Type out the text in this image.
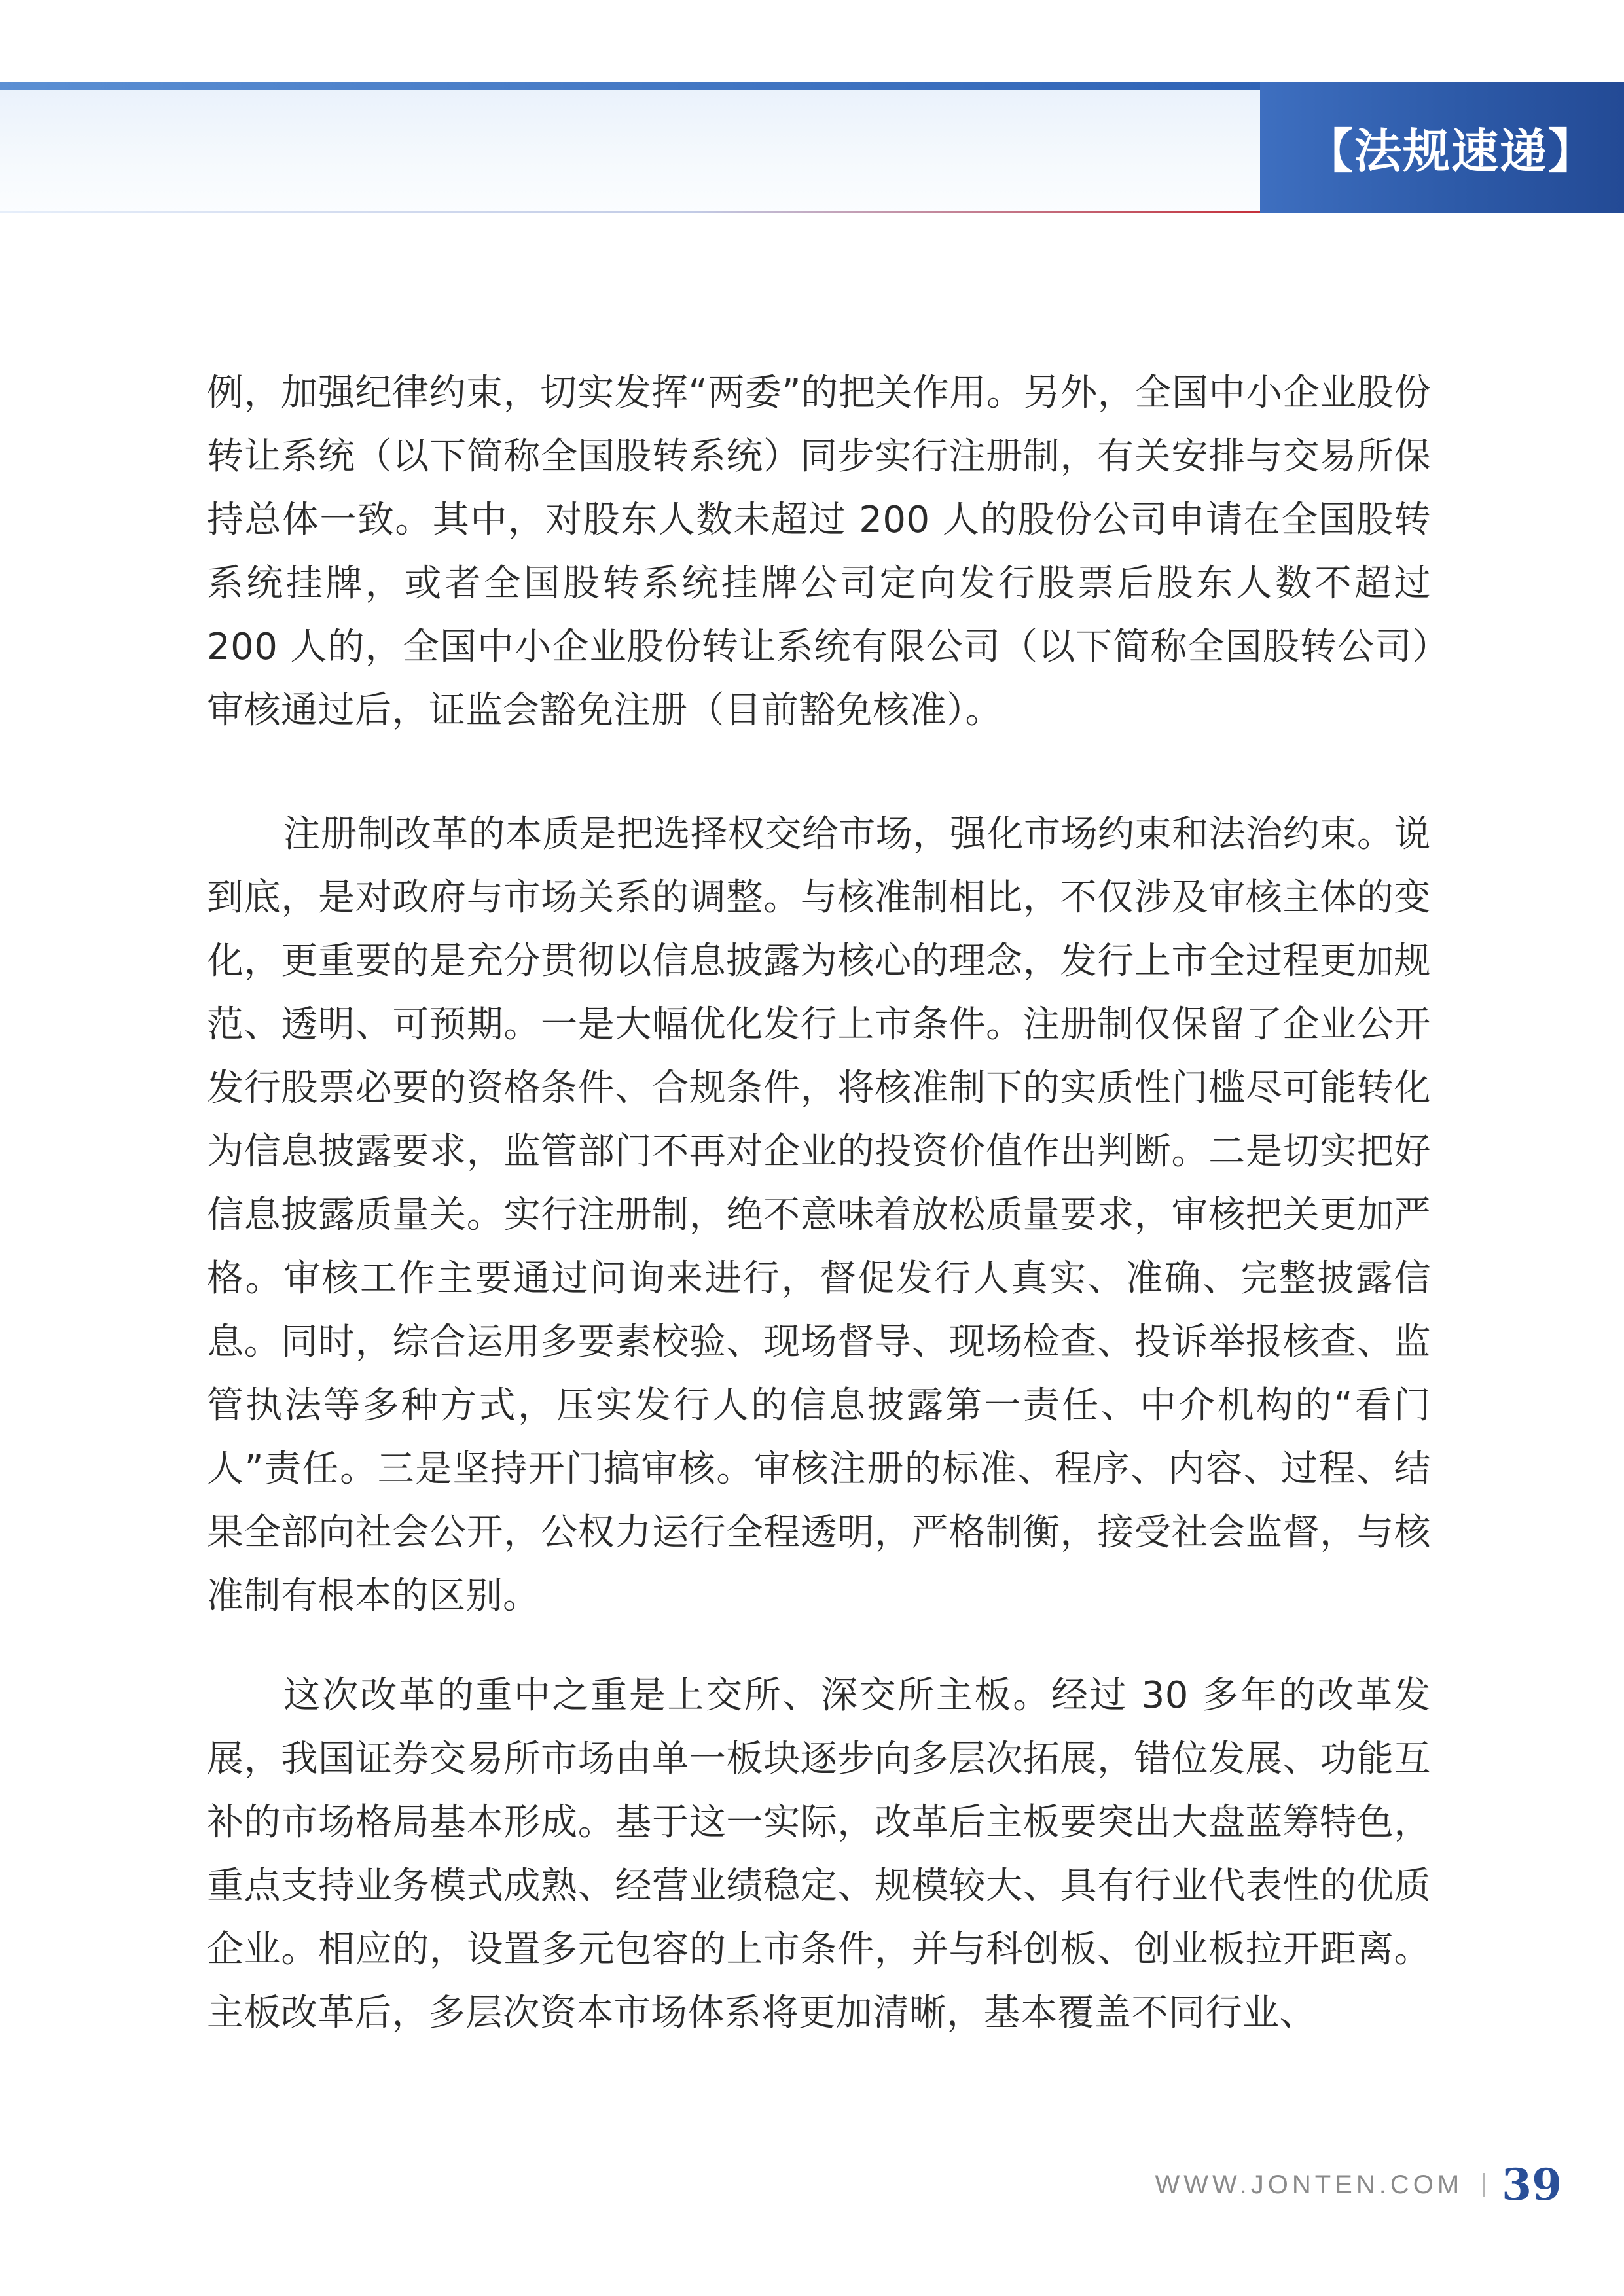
【法规速递】

例，加强纪律约束，切实发挥“两委”的把关作用。另外，全国中小企业股份转让系统（以下简称全国股转系统）同步实行注册制，有关安排与交易所保持总体一致。其中，对股东人数未超过 200 人的股份公司申请在全国股转系统挂牌，或者全国股转系统挂牌公司定向发行股票后股东人数不超过 200 人的，全国中小企业股份转让系统有限公司（以下简称全国股转公司）审核通过后，证监会豁免注册（目前豁免核准）。

注册制改革的本质是把选择权交给市场，强化市场约束和法治约束。说到底，是对政府与市场关系的调整。与核准制相比，不仅涉及审核主体的变化，更重要的是充分贯彻以信息披露为核心的理念，发行上市全过程更加规范、透明、可预期。一是大幅优化发行上市条件。注册制仅保留了企业公开发行股票必要的资格条件、合规条件，将核准制下的实质性门槛尽可能转化为信息披露要求，监管部门不再对企业的投资价值作出判断。二是切实把好信息披露质量关。实行注册制，绝不意味着放松质量要求，审核把关更加严格。审核工作主要通过问询来进行，督促发行人真实、准确、完整披露信息。同时，综合运用多要素校验、现场督导、现场检查、投诉举报核查、监管执法等多种方式，压实发行人的信息披露第一责任、中介机构的“看门人”责任。三是坚持开门搞审核。审核注册的标准、程序、内容、过程、结果全部向社会公开，公权力运行全程透明，严格制衡，接受社会监督，与核准制有根本的区别。

这次改革的重中之重是上交所、深交所主板。经过 30 多年的改革发展，我国证券交易所市场由单一板块逐步向多层次拓展，错位发展、功能互补的市场格局基本形成。基于这一实际，改革后主板要突出大盘蓝筹特色，重点支持业务模式成熟、经营业绩稳定、规模较大、具有行业代表性的优质企业。相应的，设置多元包容的上市条件，并与科创板、创业板拉开距离。主板改革后，多层次资本市场体系将更加清晰，基本覆盖不同行业、

WWW.JONTEN.COM 39
